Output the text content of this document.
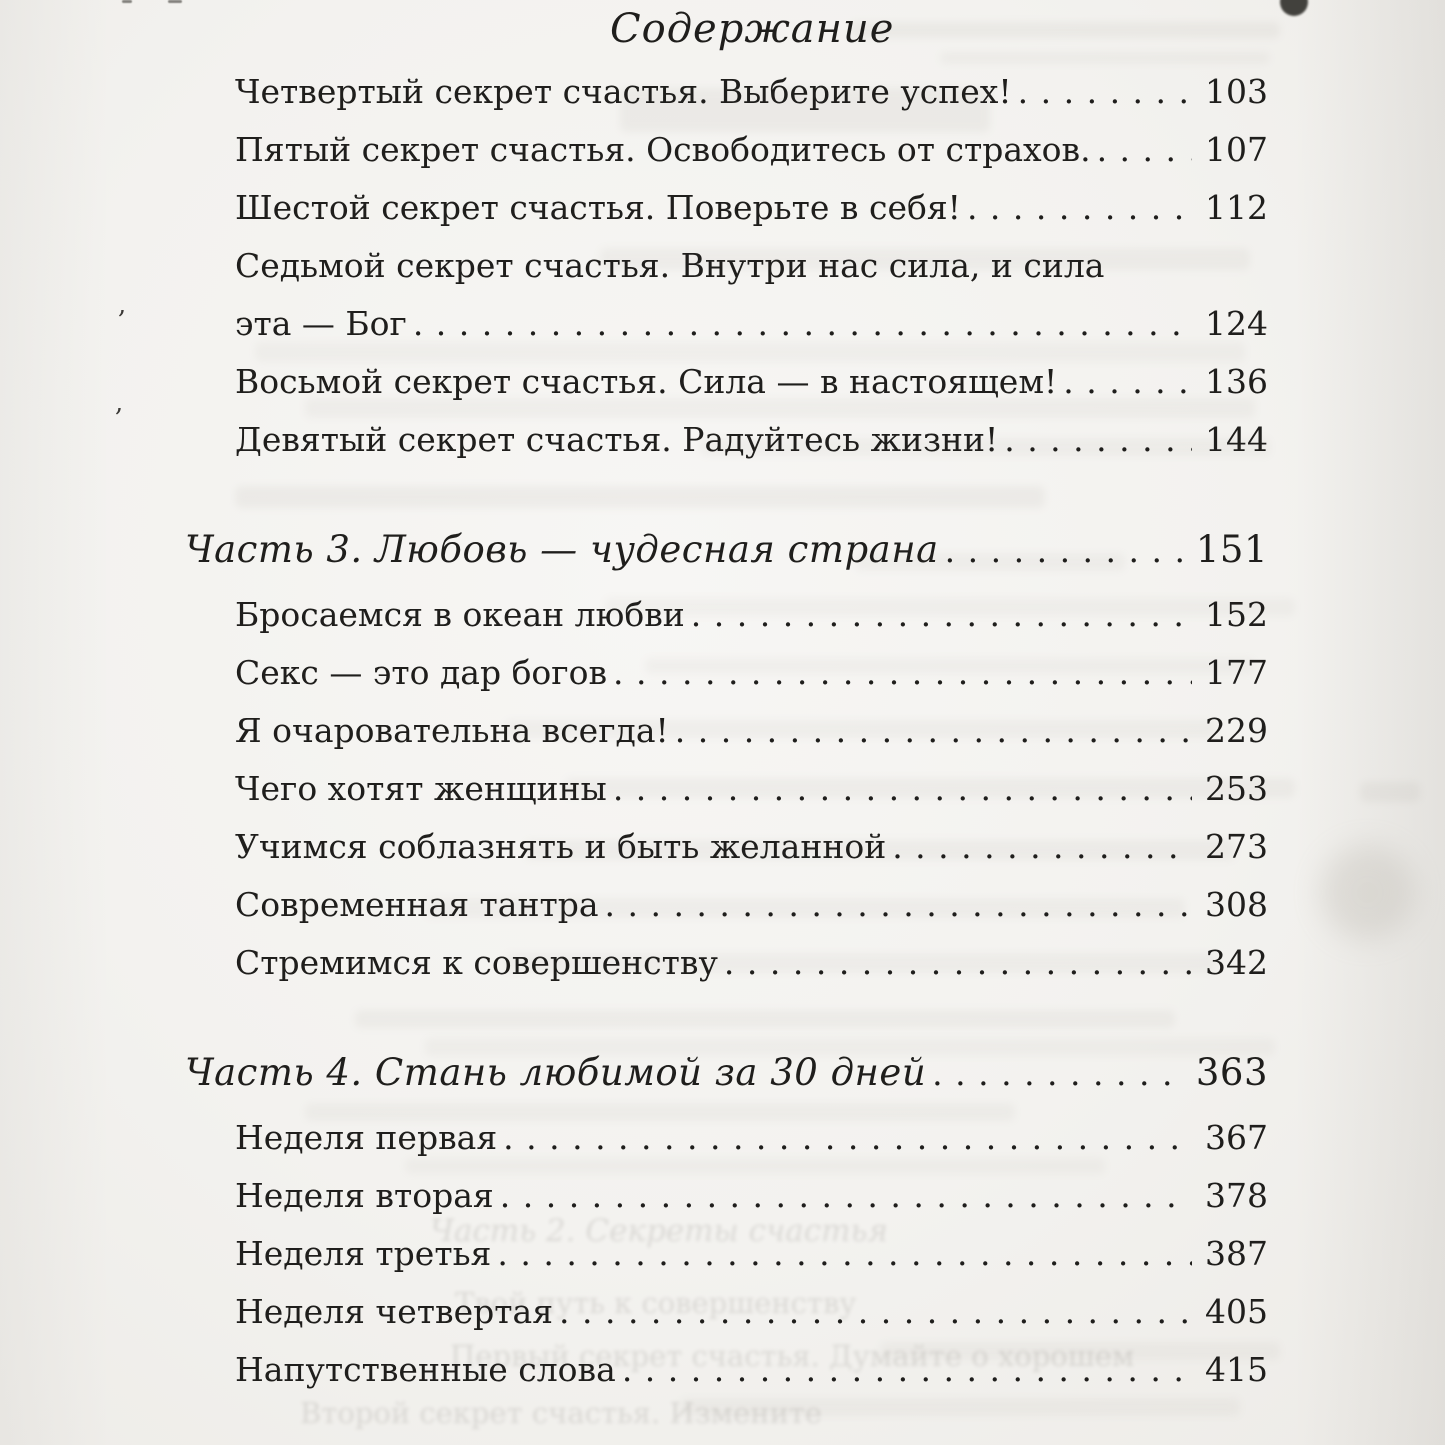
Часть 2. Секреты счастья
Твой путь к совершенству
Первый секрет счастья. Думайте о хорошем
Второй секрет счастья. Измените
Содержание
Четвертый секрет счастья. Выберите успех! . . .	103
Пятый секрет счастья. Освободитесь от страхов. . . .	107
Шестой секрет счастья. Поверьте в себя! . . .	112
Седьмой секрет счастья. Внутри нас сила, и сила
эта — Бог . . .	124
Восьмой секрет счастья. Сила — в настоящем! . . .	136
Девятый секрет счастья. Радуйтесь жизни! . . .	144
Часть 3. Любовь — чудесная страна . . .	151
Бросаемся в океан любви . . .	152
Секс — это дар богов . . .	177
Я очаровательна всегда! . . .	229
Чего хотят женщины . . .	253
Учимся соблазнять и быть желанной . . .	273
Современная тантра . . .	308
Стремимся к совершенству . . .	342
Часть 4. Стань любимой за 30 дней . . .	363
Неделя первая . . .	367
Неделя вторая . . .	378
Неделя третья . . .	387
Неделя четвертая . . .	405
Напутственные слова . . .	415
,
,
